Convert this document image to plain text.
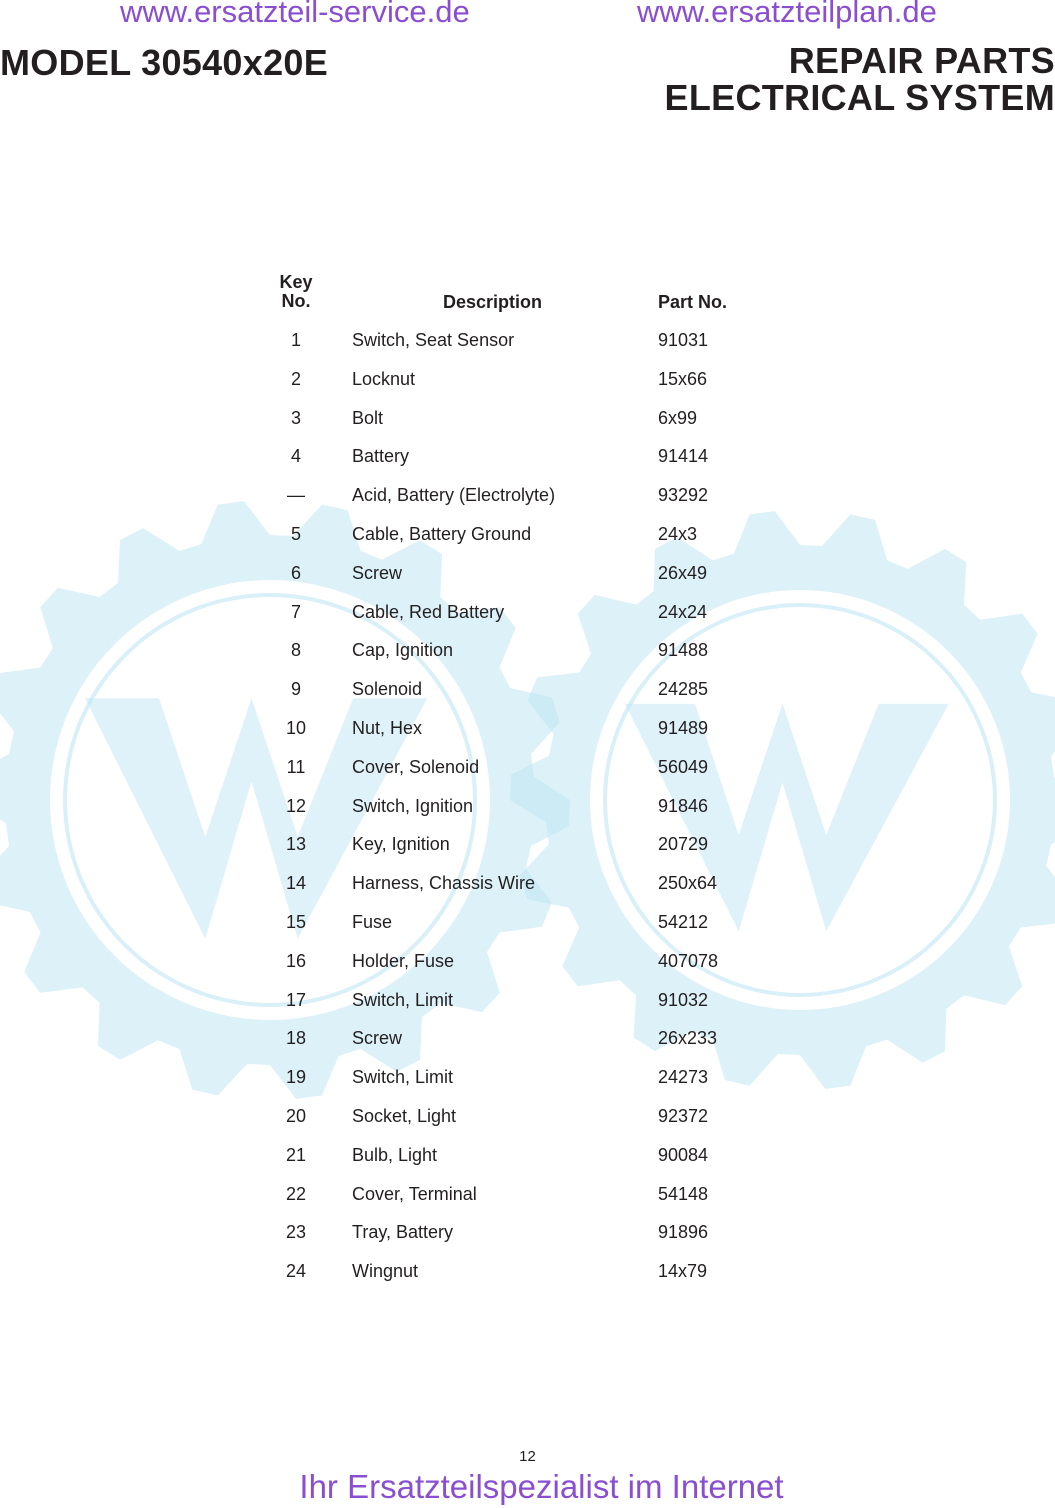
www.ersatzteil-service.de	www.ersatzteilplan.de
MODEL 30540x20E	REPAIR PARTS
ELECTRICAL SYSTEM
Key
No.	Description	Part No.
1	Switch, Seat Sensor	91031
2	Locknut	15x66
3	Bolt	6x99
4	Battery	91414
—	Acid, Battery (Electrolyte)	93292
5	Cable, Battery Ground	24x3
6	Screw	26x49
7	Cable, Red Battery	24x24
8	Cap, Ignition	91488
9	Solenoid	24285
10	Nut, Hex	91489
11	Cover, Solenoid	56049
12	Switch, Ignition	91846
13	Key, Ignition	20729
14	Harness, Chassis Wire	250x64
15	Fuse	54212
16	Holder, Fuse	407078
17	Switch, Limit	91032
18	Screw	26x233
19	Switch, Limit	24273
20	Socket, Light	92372
21	Bulb, Light	90084
22	Cover, Terminal	54148
23	Tray, Battery	91896
24	Wingnut	14x79
12
Ihr Ersatzteilspezialist im Internet
